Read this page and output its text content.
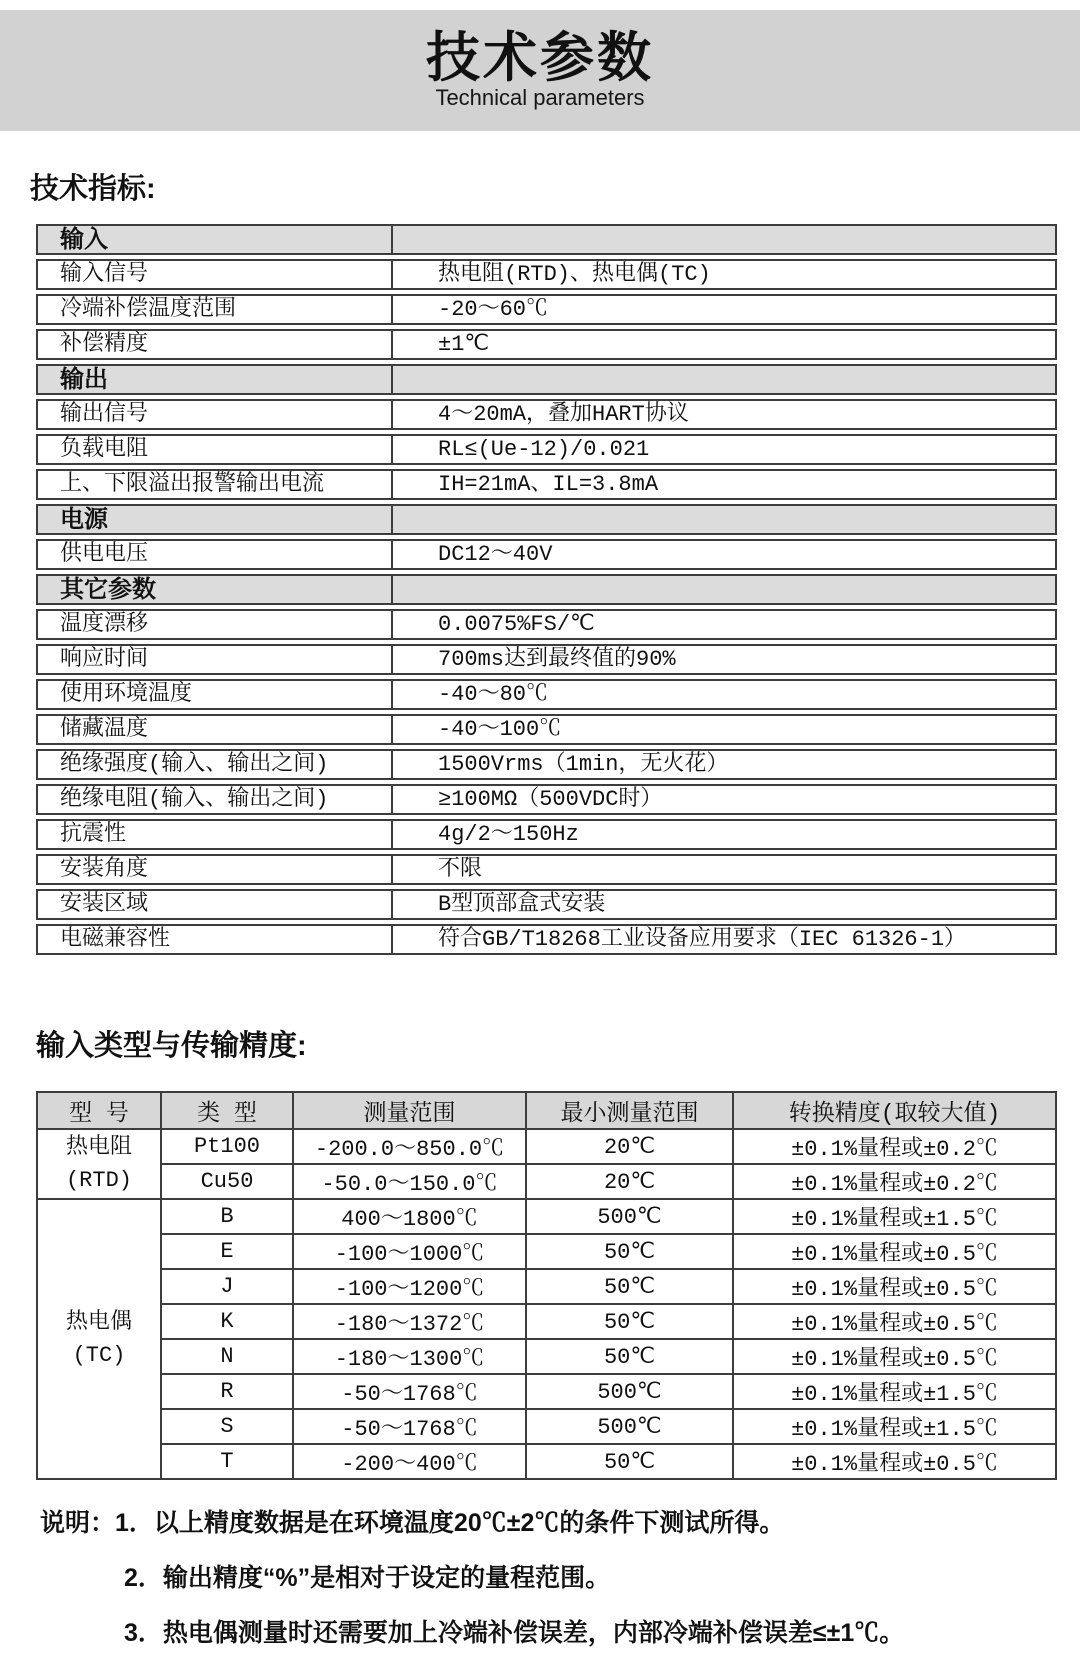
技术参数
Technical parameters
技术指标:
输入	
输入信号	热电阻(RTD)、热电偶(TC)
冷端补偿温度范围	-20～60℃
补偿精度	±1℃
输出	
输出信号	4～20mA，叠加HART协议
负载电阻	RL≤(Ue-12)/0.021
上、下限溢出报警输出电流	IH=21mA、IL=3.8mA
电源	
供电电压	DC12～40V
其它参数	
温度漂移	0.0075%FS/℃
响应时间	700ms达到最终值的90%
使用环境温度	-40～80℃
储藏温度	-40～100℃
绝缘强度(输入、输出之间)	1500Vrms（1min，无火花）
绝缘电阻(输入、输出之间)	≥100MΩ（500VDC时）
抗震性	4g/2～150Hz
安装角度	不限
安装区域	B型顶部盒式安装
电磁兼容性	符合GB/T18268工业设备应用要求（IEC 61326-1）
输入类型与传输精度:
型 号	类 型	测量范围	最小测量范围	转换精度(取较大值)

热电阻
(RTD)	Pt100	-200.0～850.0℃	20℃	±0.1%量程或±0.2℃
	Cu50	-50.0～150.0℃	20℃	±0.1%量程或±0.2℃

热电偶
(TC)	B	400～1800℃	500℃	±0.1%量程或±1.5℃
	E	-100～1000℃	50℃	±0.1%量程或±0.5℃
	J	-100～1200℃	50℃	±0.1%量程或±0.5℃
	K	-180～1372℃	50℃	±0.1%量程或±0.5℃
	N	-180～1300℃	50℃	±0.1%量程或±0.5℃
	R	-50～1768℃	500℃	±0.1%量程或±1.5℃
	S	-50～1768℃	500℃	±0.1%量程或±1.5℃
	T	-200～400℃	50℃	±0.1%量程或±0.5℃
说明：1．以上精度数据是在环境温度20℃±2℃的条件下测试所得。
2．输出精度“%”是相对于设定的量程范围。
3．热电偶测量时还需要加上冷端补偿误差，内部冷端补偿误差≤±1℃。
